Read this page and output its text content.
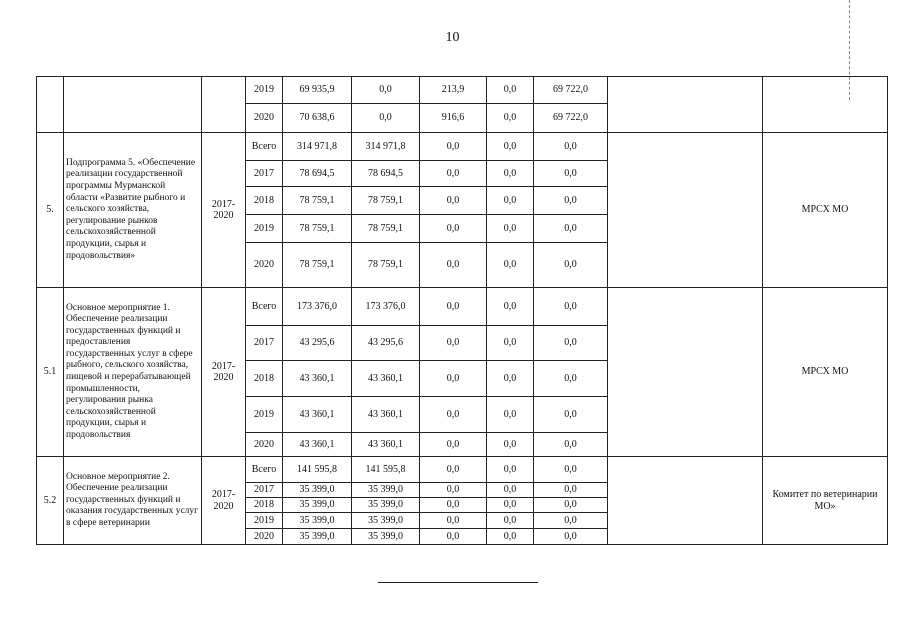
10
			2019	69 935,9	0,0	213,9	0,0	69 722,0		
			2020	70 638,6	0,0	916,6	0,0	69 722,0		
5.	Подпрограмма 5. «Обеспечение реализации государственной программы Мурманской области «Развитие рыбного и сельского хозяйства, регулирование рынков сельскохозяйственной продукции, сырья и продовольствия»	2017-2020	Всего	314 971,8	314 971,8	0,0	0,0	0,0		МРСХ МО
			2017	78 694,5	78 694,5	0,0	0,0	0,0		
			2018	78 759,1	78 759,1	0,0	0,0	0,0		
			2019	78 759,1	78 759,1	0,0	0,0	0,0		
			2020	78 759,1	78 759,1	0,0	0,0	0,0		
5.1	Основное мероприятие 1. Обеспечение реализации государственных функций и предоставления государственных услуг в сфере рыбного, сельского хозяйства, пищевой и перерабатывающей промышленности, регулирования рынка сельскохозяйственной продукции, сырья и продовольствия	2017-2020	Всего	173 376,0	173 376,0	0,0	0,0	0,0		МРСХ МО
			2017	43 295,6	43 295,6	0,0	0,0	0,0		
			2018	43 360,1	43 360,1	0,0	0,0	0,0		
			2019	43 360,1	43 360,1	0,0	0,0	0,0		
			2020	43 360,1	43 360,1	0,0	0,0	0,0		
5.2	Основное мероприятие 2. Обеспечение реализации государственных функций и оказания государственных услуг в сфере ветеринарии	2017-2020	Всего	141 595,8	141 595,8	0,0	0,0	0,0		Комитет по ветеринарии МО»
			2017	35 399,0	35 399,0	0,0	0,0	0,0		
			2018	35 399,0	35 399,0	0,0	0,0	0,0		
			2019	35 399,0	35 399,0	0,0	0,0	0,0		
			2020	35 399,0	35 399,0	0,0	0,0	0,0		
